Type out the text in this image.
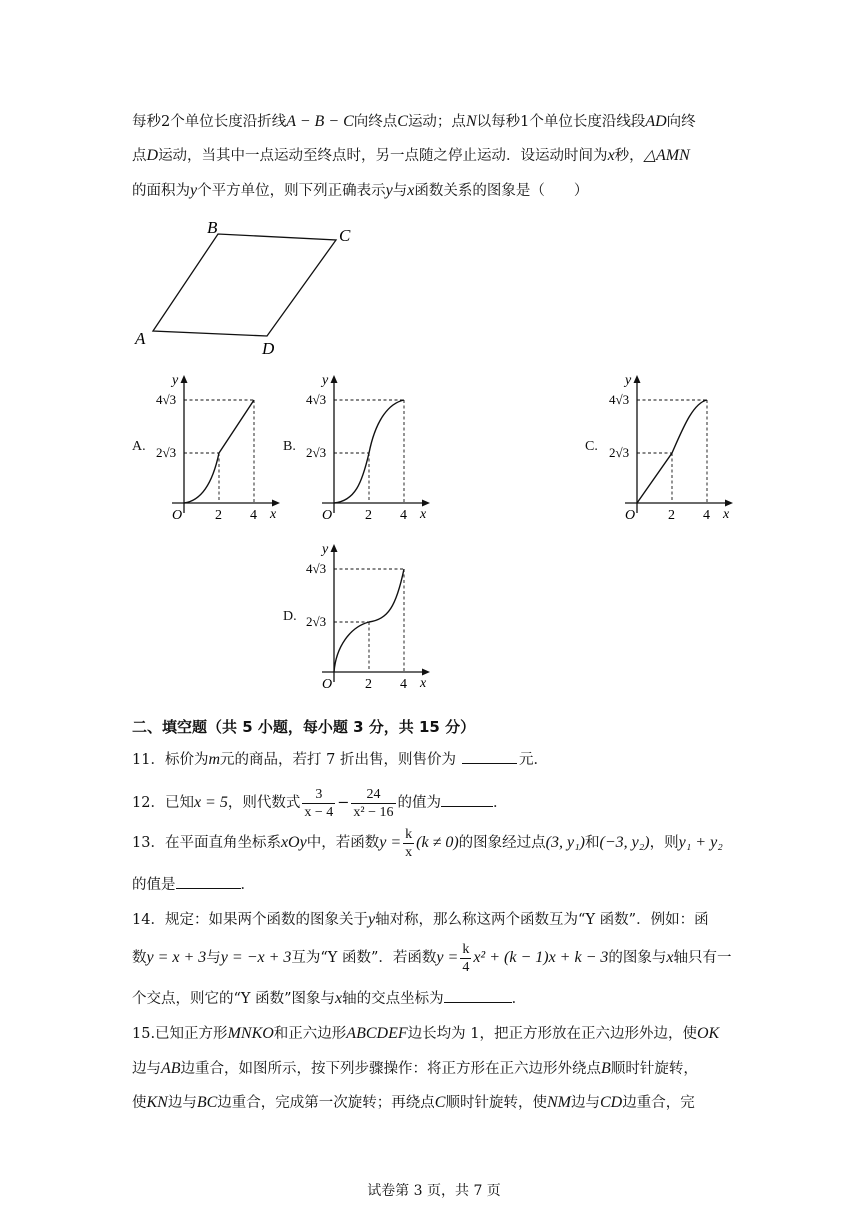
每秒2个单位长度沿折线A − B − C向终点C运动；点N以每秒1个单位长度沿线段AD向终
点D运动，当其中一点运动至终点时，另一点随之停止运动．设运动时间为x秒，△AMN
的面积为y个平方单位，则下列正确表示y与x函数关系的图象是（　　）
B	C
A
D
A.	B.	C.
D.
y
x
O 2 4
2√3
4√3
y
x
O 2 4
2√3
4√3
y
x
O 2 4
2√3
4√3
y
x
O 2 4
2√3
4√3
二、填空题（共 5 小题，每小题 3 分，共 15 分）
11．标价为m元的商品，若打 7 折出售，则售价为	元．
12．已知x = 5，则代数式 $\frac{3}{x - 4} - \frac{24}{\text{x² − 16}}$ 的值为	．
13．在平面直角坐标系xOy中，若函数$y = \frac{k}{x} (k \ne 0)$的图象经过点(3, y₁)和(−3, y₂)，则y₁ + y₂
的值是	．
14．规定：如果两个函数的图象关于y轴对称，那么称这两个函数互为“Y 函数”．例如：函
数y = x + 3与y = −x + 3互为“Y 函数”．若函数$y = \frac{k}{4} x^2 + (k - 1)x + k - 3$的图象与x轴只有一
个交点，则它的“Y 函数”图象与x轴的交点坐标为	．
15.已知正方形MNKO和正六边形ABCDEF边长均为 1，把正方形放在正六边形外边，使OK
边与AB边重合，如图所示，按下列步骤操作：将正方形在正六边形外绕点B顺时针旋转，
使KN边与BC边重合，完成第一次旋转；再绕点C顺时针旋转，使NM边与CD边重合，完
试卷第 3 页，共 7 页
